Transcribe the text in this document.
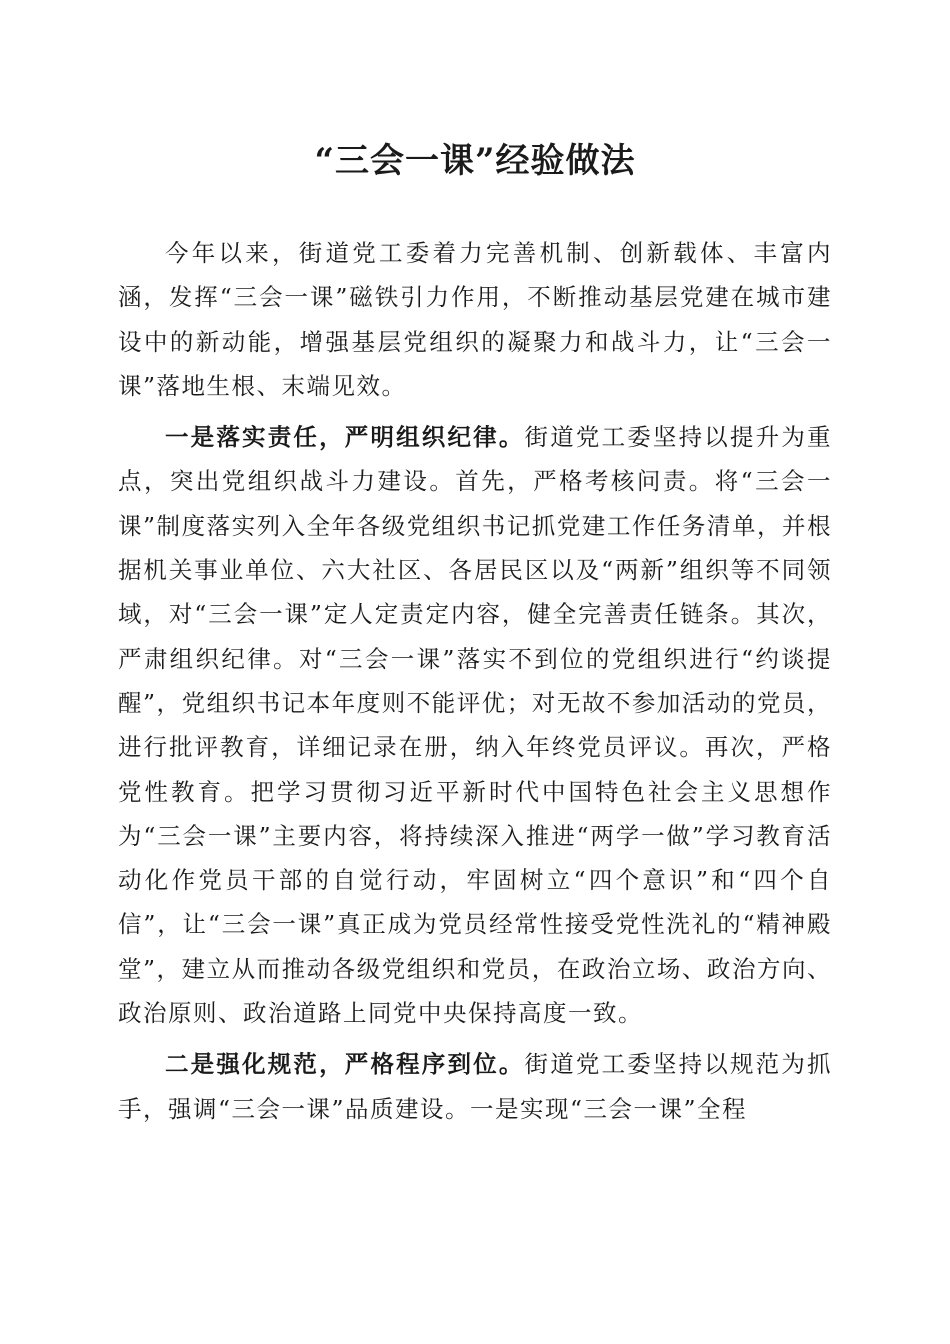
“三会一课”经验做法

今年以来，街道党工委着力完善机制、创新载体、丰富内涵，发挥“三会一课”磁铁引力作用，不断推动基层党建在城市建设中的新动能，增强基层党组织的凝聚力和战斗力，让“三会一课”落地生根、末端见效。

一是落实责任，严明组织纪律。街道党工委坚持以提升为重点，突出党组织战斗力建设。首先，严格考核问责。将“三会一课”制度落实列入全年各级党组织书记抓党建工作任务清单，并根据机关事业单位、六大社区、各居民区以及“两新”组织等不同领域，对“三会一课”定人定责定内容，健全完善责任链条。其次，严肃组织纪律。对“三会一课”落实不到位的党组织进行“约谈提醒”，党组织书记本年度则不能评优；对无故不参加活动的党员，进行批评教育，详细记录在册，纳入年终党员评议。再次，严格党性教育。把学习贯彻习近平新时代中国特色社会主义思想作为“三会一课”主要内容，将持续深入推进“两学一做”学习教育活动化作党员干部的自觉行动，牢固树立“四个意识”和“四个自信”，让“三会一课”真正成为党员经常性接受党性洗礼的“精神殿堂”，建立从而推动各级党组织和党员，在政治立场、政治方向、政治原则、政治道路上同党中央保持高度一致。

二是强化规范，严格程序到位。街道党工委坚持以规范为抓手，强调“三会一课”品质建设。一是实现“三会一课”全程
